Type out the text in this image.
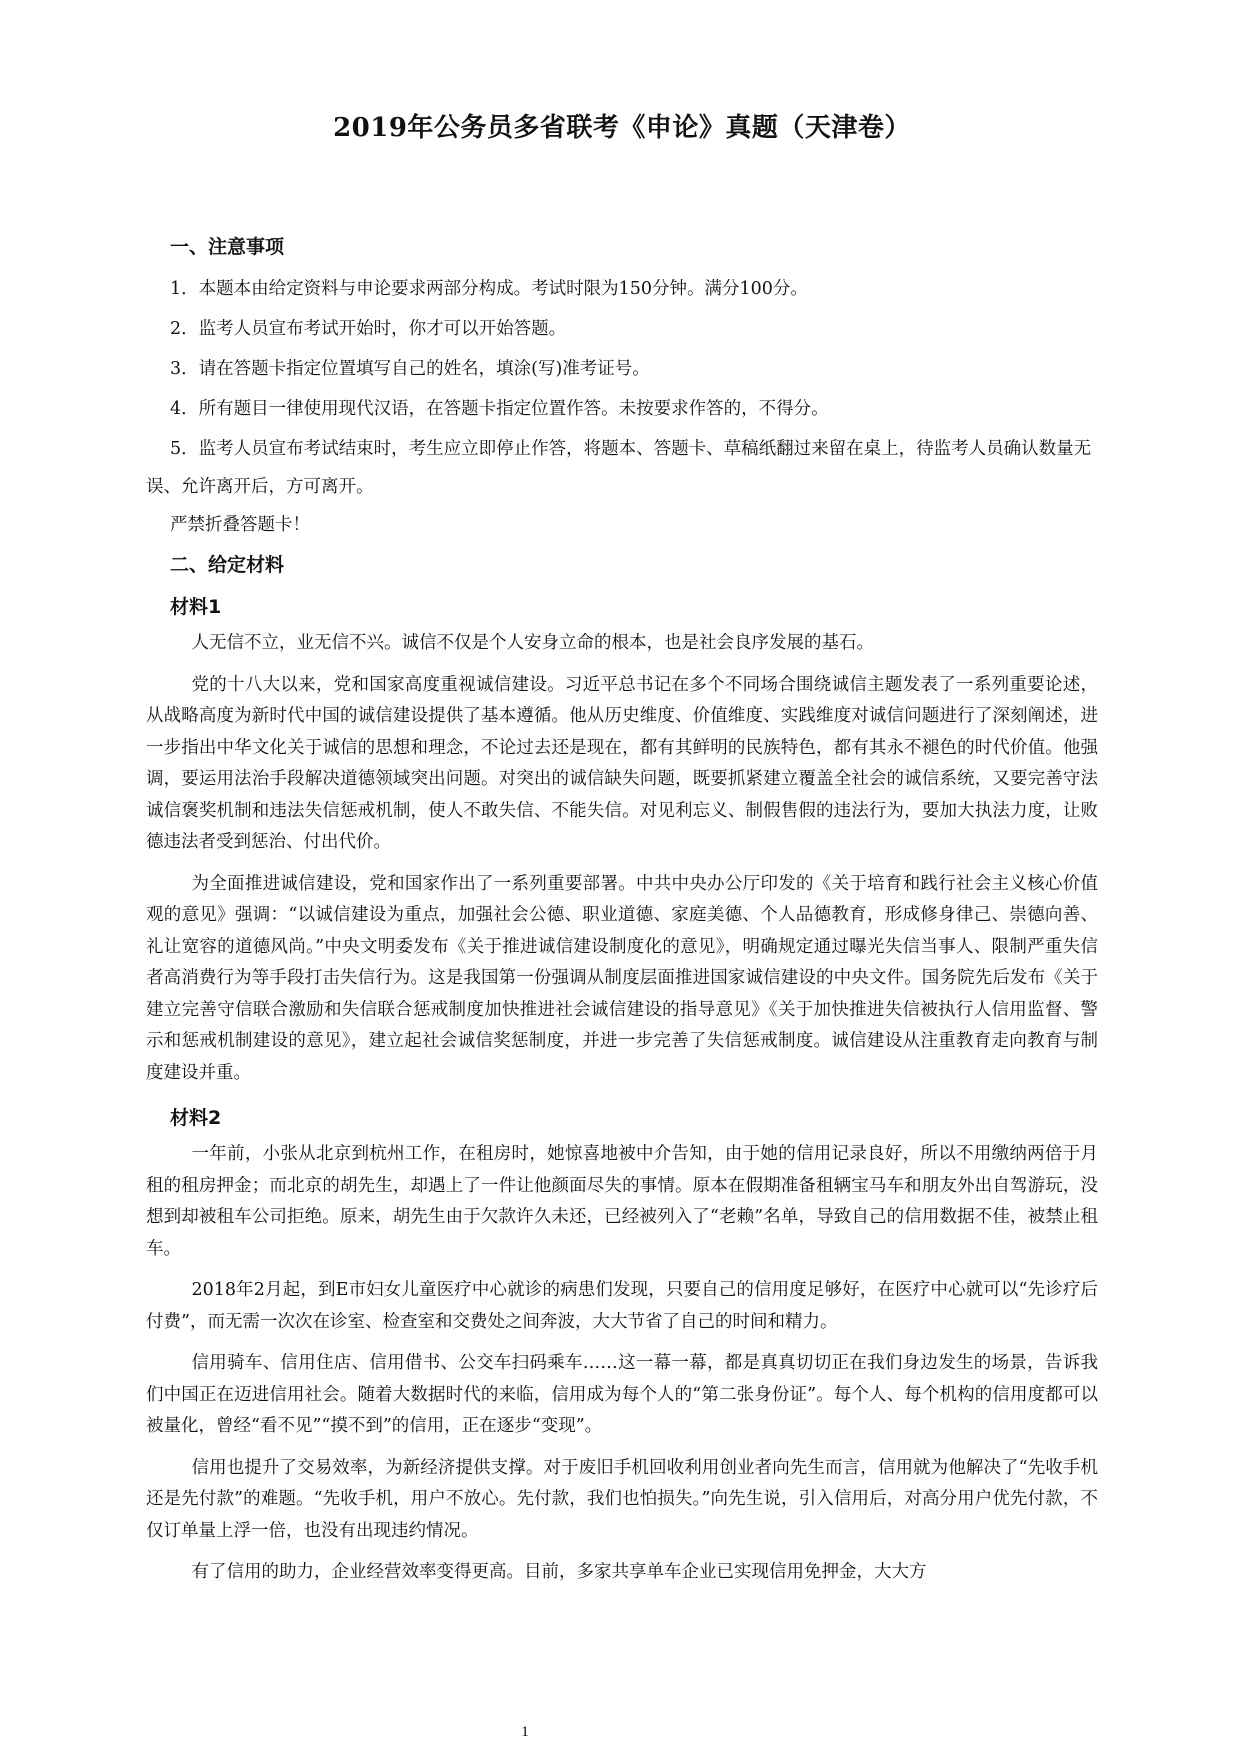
2019年公务员多省联考《申论》真题（天津卷）
一、注意事项

1．本题本由给定资料与申论要求两部分构成。考试时限为150分钟。满分100分。

2．监考人员宣布考试开始时，你才可以开始答题。

3．请在答题卡指定位置填写自己的姓名，填涂(写)准考证号。

4．所有题目一律使用现代汉语，在答题卡指定位置作答。未按要求作答的，不得分。

5．监考人员宣布考试结束时，考生应立即停止作答，将题本、答题卡、草稿纸翻过来留在桌上，待监考人员确认数量无误、允许离开后，方可离开。

严禁折叠答题卡！

二、给定材料
材料1

人无信不立，业无信不兴。诚信不仅是个人安身立命的根本，也是社会良序发展的基石。

党的十八大以来，党和国家高度重视诚信建设。习近平总书记在多个不同场合围绕诚信主题发表了一系列重要论述，从战略高度为新时代中国的诚信建设提供了基本遵循。他从历史维度、价值维度、实践维度对诚信问题进行了深刻阐述，进一步指出中华文化关于诚信的思想和理念，不论过去还是现在，都有其鲜明的民族特色，都有其永不褪色的时代价值。他强调，要运用法治手段解决道德领域突出问题。对突出的诚信缺失问题，既要抓紧建立覆盖全社会的诚信系统，又要完善守法诚信褒奖机制和违法失信惩戒机制，使人不敢失信、不能失信。对见利忘义、制假售假的违法行为，要加大执法力度，让败德违法者受到惩治、付出代价。

为全面推进诚信建设，党和国家作出了一系列重要部署。中共中央办公厅印发的《关于培育和践行社会主义核心价值观的意见》强调：“以诚信建设为重点，加强社会公德、职业道德、家庭美德、个人品德教育，形成修身律己、崇德向善、礼让宽容的道德风尚。”中央文明委发布《关于推进诚信建设制度化的意见》，明确规定通过曝光失信当事人、限制严重失信者高消费行为等手段打击失信行为。这是我国第一份强调从制度层面推进国家诚信建设的中央文件。国务院先后发布《关于建立完善守信联合激励和失信联合惩戒制度加快推进社会诚信建设的指导意见》《关于加快推进失信被执行人信用监督、警示和惩戒机制建设的意见》，建立起社会诚信奖惩制度，并进一步完善了失信惩戒制度。诚信建设从注重教育走向教育与制度建设并重。

材料2

一年前，小张从北京到杭州工作，在租房时，她惊喜地被中介告知，由于她的信用记录良好，所以不用缴纳两倍于月租的租房押金；而北京的胡先生，却遇上了一件让他颜面尽失的事情。原本在假期准备租辆宝马车和朋友外出自驾游玩，没想到却被租车公司拒绝。原来，胡先生由于欠款许久未还，已经被列入了“老赖”名单，导致自己的信用数据不佳，被禁止租车。

2018年2月起，到E市妇女儿童医疗中心就诊的病患们发现，只要自己的信用度足够好，在医疗中心就可以“先诊疗后付费”，而无需一次次在诊室、检查室和交费处之间奔波，大大节省了自己的时间和精力。

信用骑车、信用住店、信用借书、公交车扫码乘车……这一幕一幕，都是真真切切正在我们身边发生的场景，告诉我们中国正在迈进信用社会。随着大数据时代的来临，信用成为每个人的“第二张身份证”。每个人、每个机构的信用度都可以被量化，曾经“看不见”“摸不到”的信用，正在逐步“变现”。

信用也提升了交易效率，为新经济提供支撑。对于废旧手机回收利用创业者向先生而言，信用就为他解决了“先收手机还是先付款”的难题。“先收手机，用户不放心。先付款，我们也怕损失。”向先生说，引入信用后，对高分用户优先付款，不仅订单量上浮一倍，也没有出现违约情况。

有了信用的助力，企业经营效率变得更高。目前，多家共享单车企业已实现信用免押金，大大方

1
